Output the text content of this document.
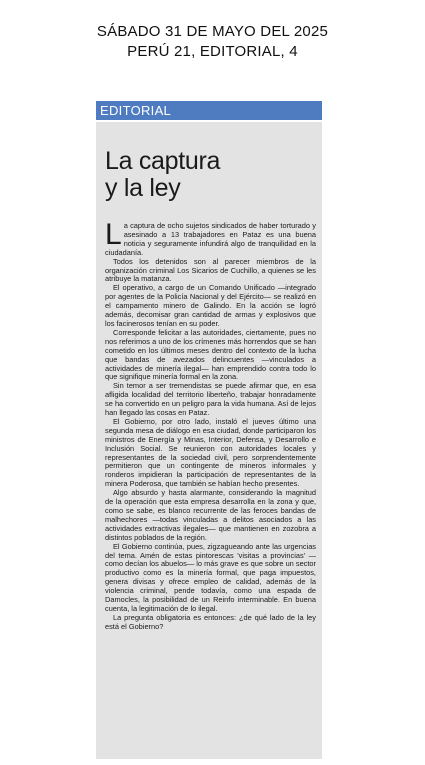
SÁBADO 31 DE MAYO DEL 2025
PERÚ 21, EDITORIAL, 4
EDITORIAL
La captura
y la ley

La captura de ocho sujetos sindicados de haber torturado y asesinado a 13 trabajadores en Pataz es una buena noticia y seguramente infundirá algo de tranquilidad en la ciudadanía.

Todos los detenidos son al parecer miembros de la organización criminal Los Sicarios de Cuchillo, a quienes se les atribuye la matanza.

El operativo, a cargo de un Comando Unificado —integrado por agentes de la Policía Nacional y del Ejército— se realizó en el campamento minero de Galindo. En la acción se logró además, decomisar gran cantidad de armas y explosivos que los facinerosos tenían en su poder.

Corresponde felicitar a las autoridades, ciertamente, pues no nos referimos a uno de los crímenes más horrendos que se han cometido en los últimos meses dentro del contexto de la lucha que bandas de avezados delincuentes —vinculados a actividades de minería ilegal— han emprendido contra todo lo que signifique minería formal en la zona.

Sin temor a ser tremendistas se puede afirmar que, en esa afligida localidad del territorio liberteño, trabajar honradamente se ha convertido en un peligro para la vida humana. Así de lejos han llegado las cosas en Pataz.

El Gobierno, por otro lado, instaló el jueves último una segunda mesa de diálogo en esa ciudad, donde participaron los ministros de Energía y Minas, Interior, Defensa, y Desarrollo e Inclusión Social. Se reunieron con autoridades locales y representantes de la sociedad civil, pero sorprendentemente permitieron que un contingente de mineros informales y ronderos impidieran la participación de representantes de la minera Poderosa, que también se habían hecho presentes.

Algo absurdo y hasta alarmante, considerando la magnitud de la operación que esta empresa desarrolla en la zona y que, como se sabe, es blanco recurrente de las feroces bandas de malhechores —todas vinculadas a delitos asociados a las actividades extractivas ilegales— que mantienen en zozobra a distintos poblados de la región.

El Gobierno continúa, pues, zigzagueando ante las urgencias del tema. Amén de estas pintorescas 'visitas a provincias' —como decían los abuelos— lo más grave es que sobre un sector productivo como es la minería formal, que paga impuestos, genera divisas y ofrece empleo de calidad, además de la violencia criminal, pende todavía, como una espada de Damocles, la posibilidad de un Reinfo interminable. En buena cuenta, la legitimación de lo ilegal.

La pregunta obligatoria es entonces: ¿de qué lado de la ley está el Gobierno?
